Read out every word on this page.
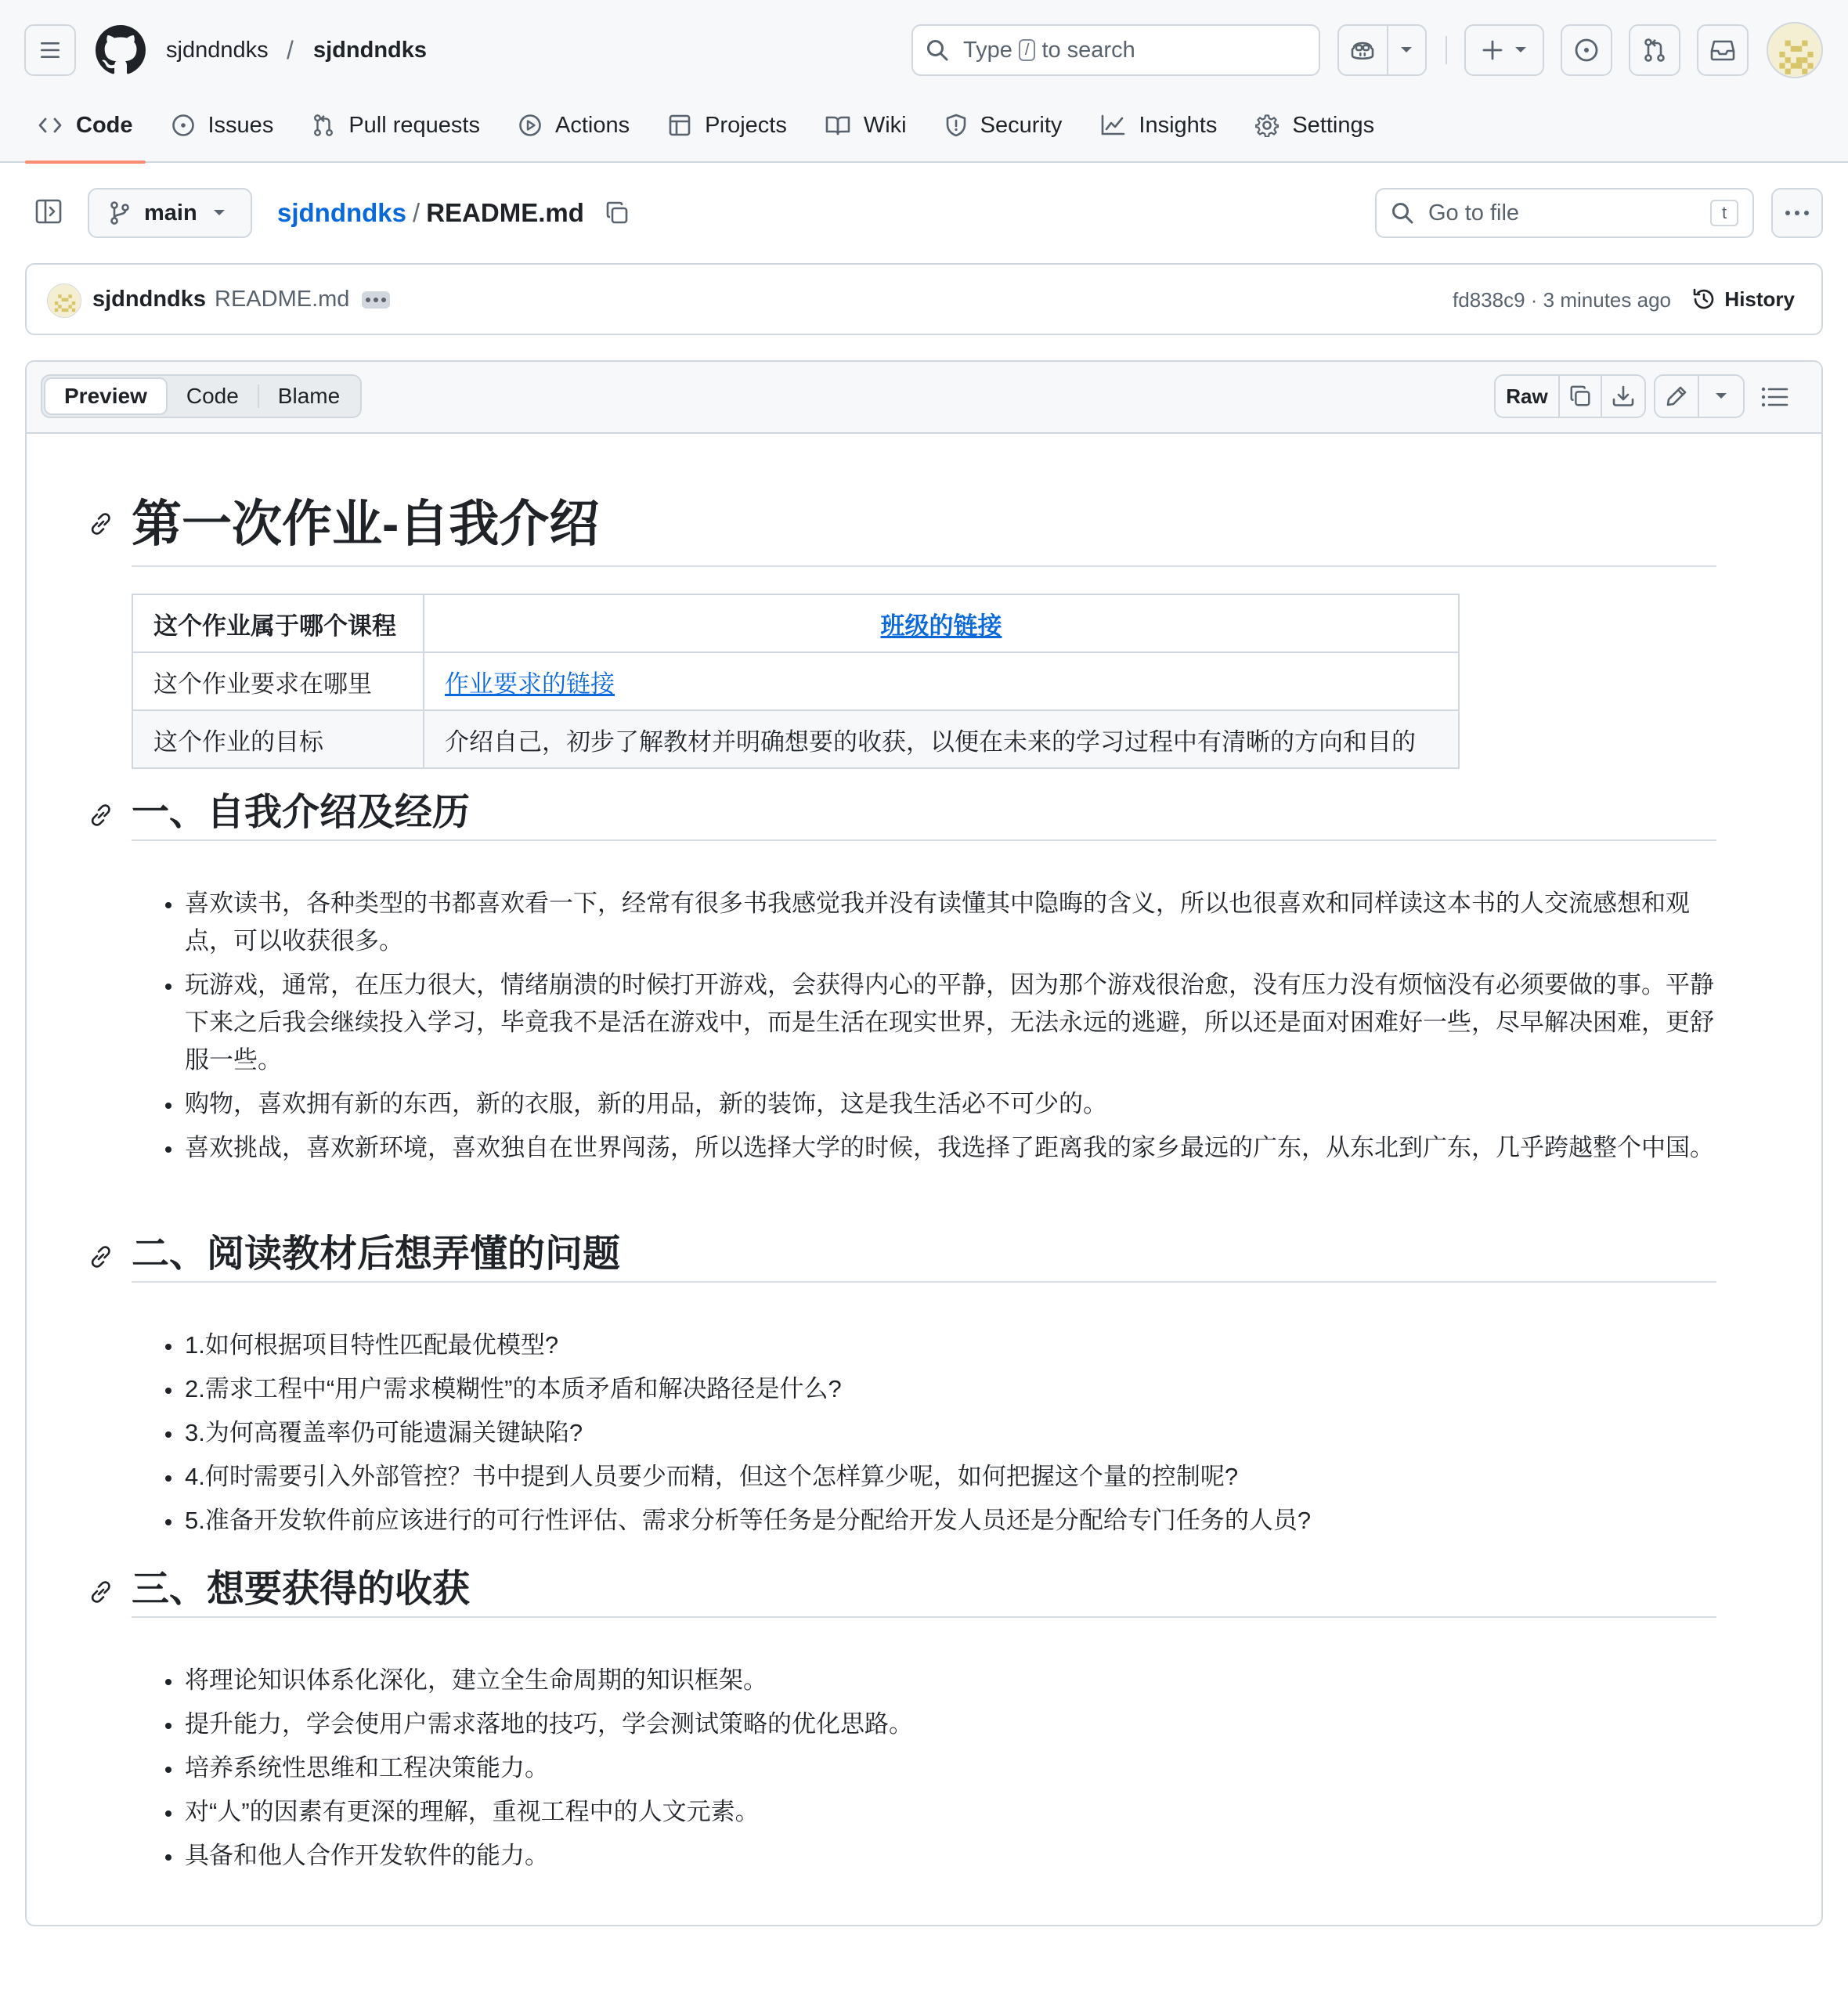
sjdndndks / sjdndndks	Type / to search
Code	Issues	Pull requests	Actions	Projects	Wiki	Security	Insights	Settings
main	sjdndndks / README.md	Go to file	t
sjdndndks README.md	fd838c9 · 3 minutes ago	History
Preview	Code	Blame	Raw
第一次作业-自我介绍
这个作业属于哪个课程	班级的链接
这个作业要求在哪里	作业要求的链接
这个作业的目标	介绍自己，初步了解教材并明确想要的收获，以便在未来的学习过程中有清晰的方向和目的
一、自我介绍及经历
• 喜欢读书，各种类型的书都喜欢看一下，经常有很多书我感觉我并没有读懂其中隐晦的含义，所以也很喜欢和同样读这本书的人交流感想和观点，可以收获很多。
• 玩游戏，通常，在压力很大，情绪崩溃的时候打开游戏，会获得内心的平静，因为那个游戏很治愈，没有压力没有烦恼没有必须要做的事。平静下来之后我会继续投入学习，毕竟我不是活在游戏中，而是生活在现实世界，无法永远的逃避，所以还是面对困难好一些，尽早解决困难，更舒服一些。
• 购物，喜欢拥有新的东西，新的衣服，新的用品，新的装饰，这是我生活必不可少的。
• 喜欢挑战，喜欢新环境，喜欢独自在世界闯荡，所以选择大学的时候，我选择了距离我的家乡最远的广东，从东北到广东，几乎跨越整个中国。
二、阅读教材后想弄懂的问题
• 1.如何根据项目特性匹配最优模型?
• 2.需求工程中“用户需求模糊性”的本质矛盾和解决路径是什么?
• 3.为何高覆盖率仍可能遗漏关键缺陷?
• 4.何时需要引入外部管控？书中提到人员要少而精，但这个怎样算少呢，如何把握这个量的控制呢?
• 5.准备开发软件前应该进行的可行性评估、需求分析等任务是分配给开发人员还是分配给专门任务的人员?
三、想要获得的收获
• 将理论知识体系化深化，建立全生命周期的知识框架。
• 提升能力，学会使用户需求落地的技巧，学会测试策略的优化思路。
• 培养系统性思维和工程决策能力。
• 对“人”的因素有更深的理解，重视工程中的人文元素。
• 具备和他人合作开发软件的能力。
